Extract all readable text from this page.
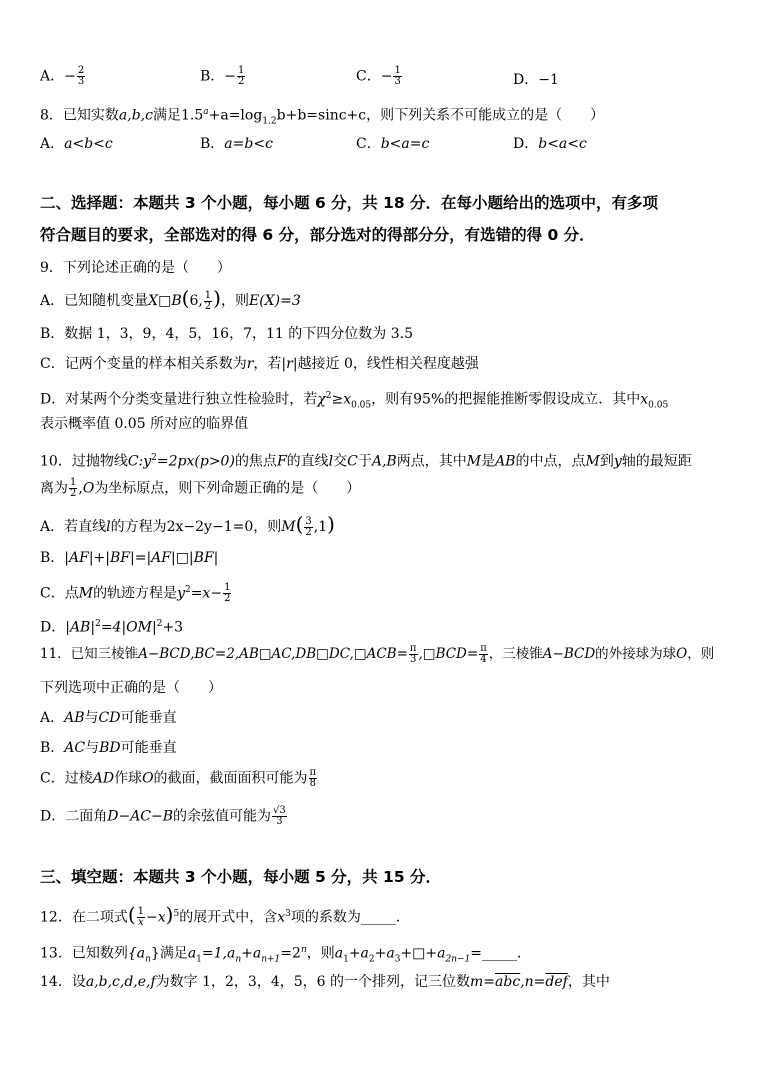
A．− $\frac{2}{3}$	B．− $\frac{1}{2}$	C．− $\frac{1}{3}$	D．−1
8．已知实数a,b,c满足$1.5^a+a=\log_{1.2}b+b=\sin c+c$，则下列关系不可能成立的是（　　）
A．a<b<c	B．a=b<c	C．b<a=c	D．b<a<c
二、选择题：本题共 3 个小题，每小题 6 分，共 18 分．在每小题给出的选项中，有多项
符合题目的要求，全部选对的得 6 分，部分选对的得部分分，有选错的得 0 分．
9．下列论述正确的是（　　）
A．已知随机变量X□B(6, $\frac{1}{2}$ )，则E(X)=3
B．数据 1，3，9，4，5，16，7，11 的下四分位数为 3.5
C．记两个变量的样本相关系数为r，若|r|越接近 0，线性相关程度越强
D．对某两个分类变量进行独立性检验时，若$\chi^2\ge x_{0.05}$，则有95%的把握能推断零假设成立．其中$x_{0.05}$
表示概率值 0.05 所对应的临界值
10．过抛物线$C:y^2=2px(p>0)$的焦点F的直线l交C于A,B两点，其中M是AB的中点，点M到y轴的最短距
离为 $\frac{1}{2} ,O$为坐标原点，则下列命题正确的是（　　）
A．若直线l的方程为2x−2y−1=0，则$M( \frac{3}{2} ,1)$
B．|AF|+|BF|=|AF|□|BF|
C．点M的轨迹方程是$y^2=x- \frac{1}{2}$
D．$|AB|^2=4|OM|^2+3$
11．已知三棱锥A−BCD,BC=2,AB□AC,DB□DC,□ACB= $\frac{\pi}{3}$ ,□BCD= $\frac{\pi}{4}$ ，三棱锥A−BCD的外接球为球O，则
下列选项中正确的是（　　）
A．AB与CD可能垂直
B．AC与BD可能垂直
C．过棱AD作球O的截面，截面面积可能为 $\frac{\pi}{8}$
D．二面角D−AC−B的余弦值可能为 $\frac{√3}{3}$
三、填空题：本题共 3 个小题，每小题 5 分，共 15 分．
12．在二项式( $\frac{1}{x} -x)^5$的展开式中，含$x^3$项的系数为_____．
13．已知数列$\{a_n\}$满足$a_1=1,a_n+a_{n+1}=2^n$，则$a_1+a_2+a_3+□+a_{2n-1}=\_\_\_\_\_$．
14．设a,b,c,d,e,f为数字 1，2，3，4，5，6 的一个排列，记三位数$m=\overline{abc},n=\overline{def}$，其中
